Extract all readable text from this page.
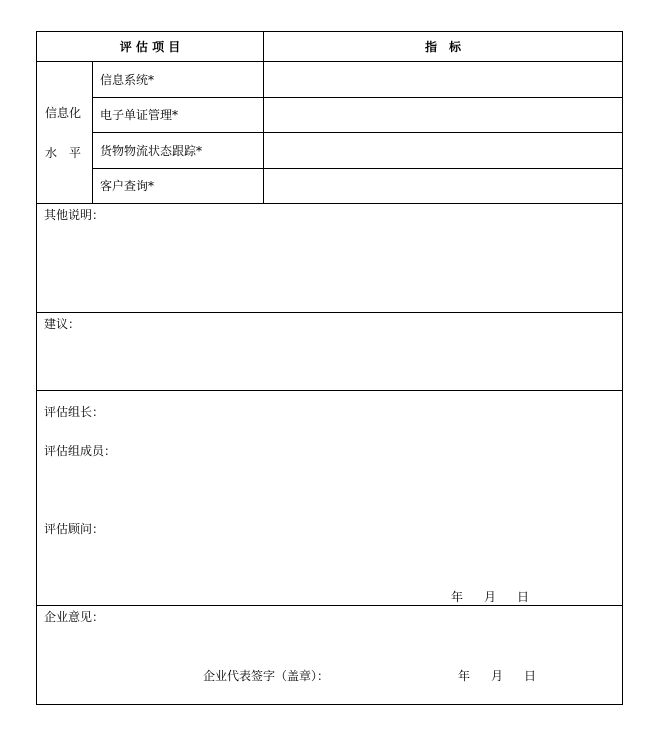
评 估 项 目	指　标
信息化
水　平
信息系统*
电子单证管理*
货物物流状态跟踪*
客户查询*
其他说明：
建议：
评估组长：
评估组成员：
评估顾问：
年 月 日
企业意见：
企业代表签字（盖章）：	年 月 日
